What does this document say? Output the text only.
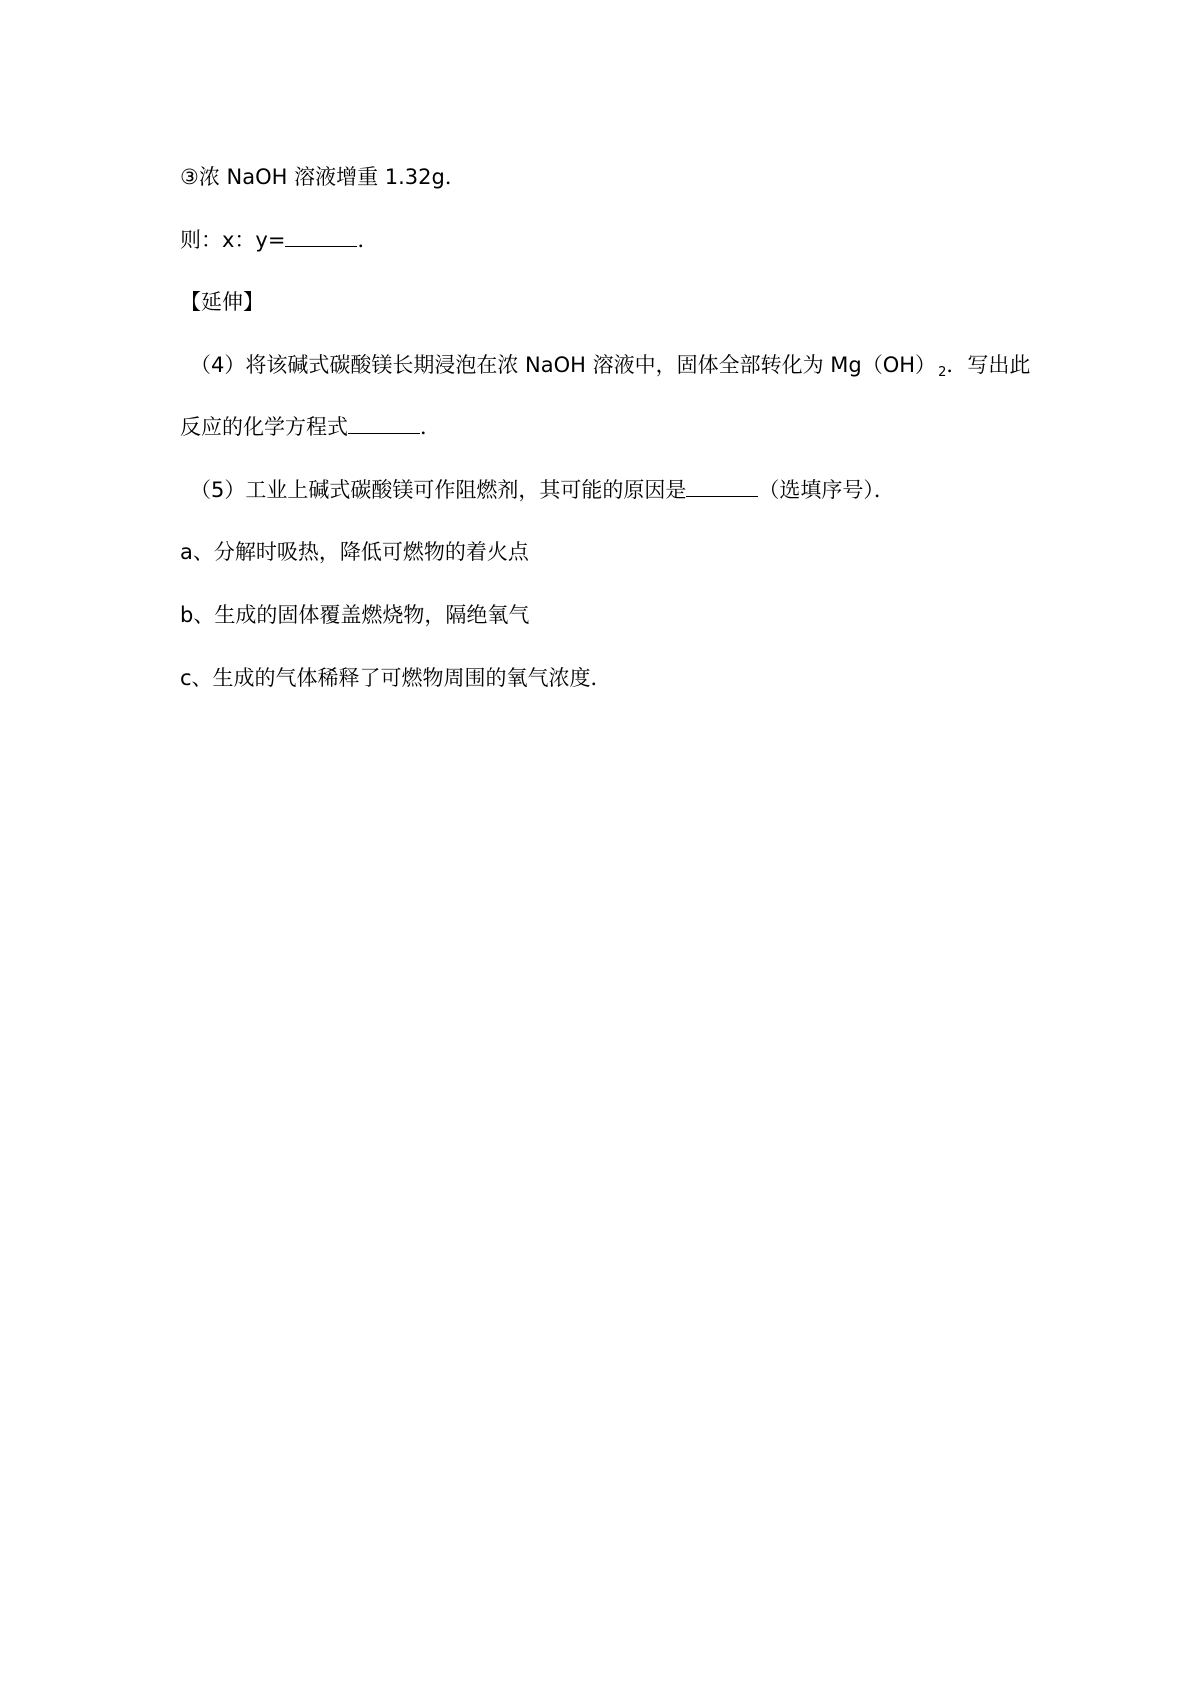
③浓 NaOH 溶液增重 1.32g．
则：x：y=	．
【延伸】
（4）将该碱式碳酸镁长期浸泡在浓 NaOH 溶液中，固体全部转化为 Mg（OH） $_2$．写出此
反应的化学方程式	．
（5）工业上碱式碳酸镁可作阻燃剂，其可能的原因是	（选填序号）．
a、分解时吸热，降低可燃物的着火点
b、生成的固体覆盖燃烧物，隔绝氧气
c、生成的气体稀释了可燃物周围的氧气浓度．
